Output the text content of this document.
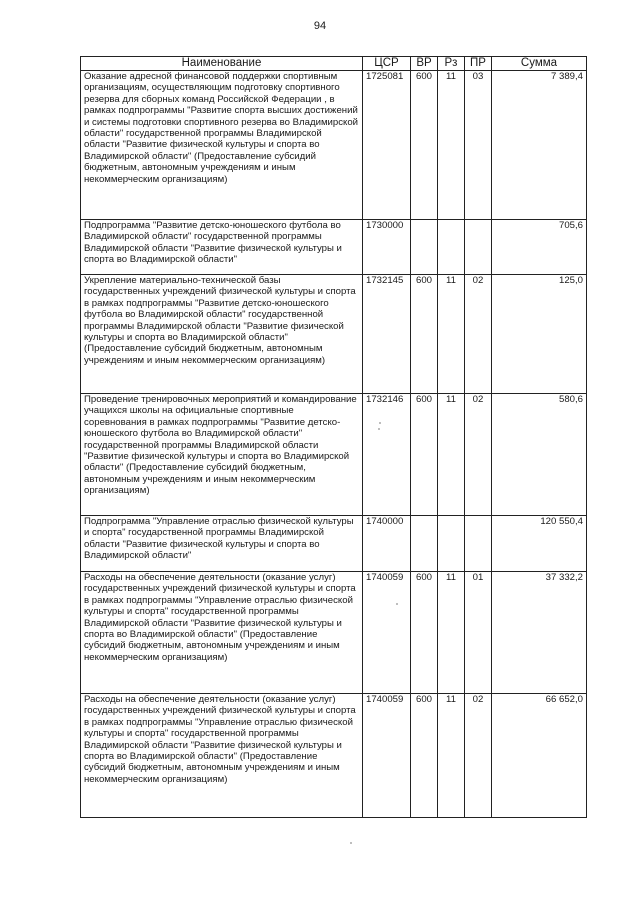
94
Наименование	ЦСР	ВР	Рз	ПР	Сумма
Оказание адресной финансовой поддержки спортивным организациям, осуществляющим подготовку спортивного резерва для сборных команд Российской Федерации , в рамках подпрограммы "Развитие спорта высших достижений и системы подготовки спортивного резерва во Владимирской области" государственной программы Владимирской области "Развитие физической культуры и спорта во Владимирской области" (Предоставление субсидий бюджетным, автономным учреждениям и иным некоммерческим организациям)	1725081	600	11	03	7 389,4
Подпрограмма "Развитие детско-юношеского футбола во Владимирской области" государственной программы Владимирской области "Развитие физической культуры и спорта во Владимирской области"	1730000				705,6
Укрепление материально-технической базы государственных учреждений физической культуры и спорта в рамках подпрограммы "Развитие детско-юношеского футбола во Владимирской области" государственной программы Владимирской области "Развитие физической культуры и спорта во Владимирской области" (Предоставление субсидий бюджетным, автономным учреждениям и иным некоммерческим организациям)	1732145	600	11	02	125,0
Проведение тренировочных мероприятий и командирование учащихся школы на официальные спортивные соревнования в рамках подпрограммы "Развитие детско-юношеского футбола во Владимирской области" государственной программы Владимирской области "Развитие физической культуры и спорта во Владимирской области" (Предоставление субсидий бюджетным, автономным учреждениям и иным некоммерческим организациям)	1732146	600	11	02	580,6
Подпрограмма "Управление отраслью физической культуры и спорта" государственной программы Владимирской области "Развитие физической культуры и спорта во Владимирской области"	1740000				120 550,4
Расходы на обеспечение деятельности (оказание услуг) государственных учреждений физической культуры и спорта в рамках подпрограммы "Управление отраслью физической культуры и спорта" государственной программы Владимирской области "Развитие физической культуры и спорта во Владимирской области" (Предоставление субсидий бюджетным, автономным учреждениям и иным некоммерческим организациям)	1740059	600	11	01	37 332,2
Расходы на обеспечение деятельности (оказание услуг) государственных учреждений физической культуры и спорта в рамках подпрограммы "Управление отраслью физической культуры и спорта" государственной программы Владимирской области "Развитие физической культуры и спорта во Владимирской области" (Предоставление субсидий бюджетным, автономным учреждениям и иным некоммерческим организациям)	1740059	600	11	02	66 652,0
